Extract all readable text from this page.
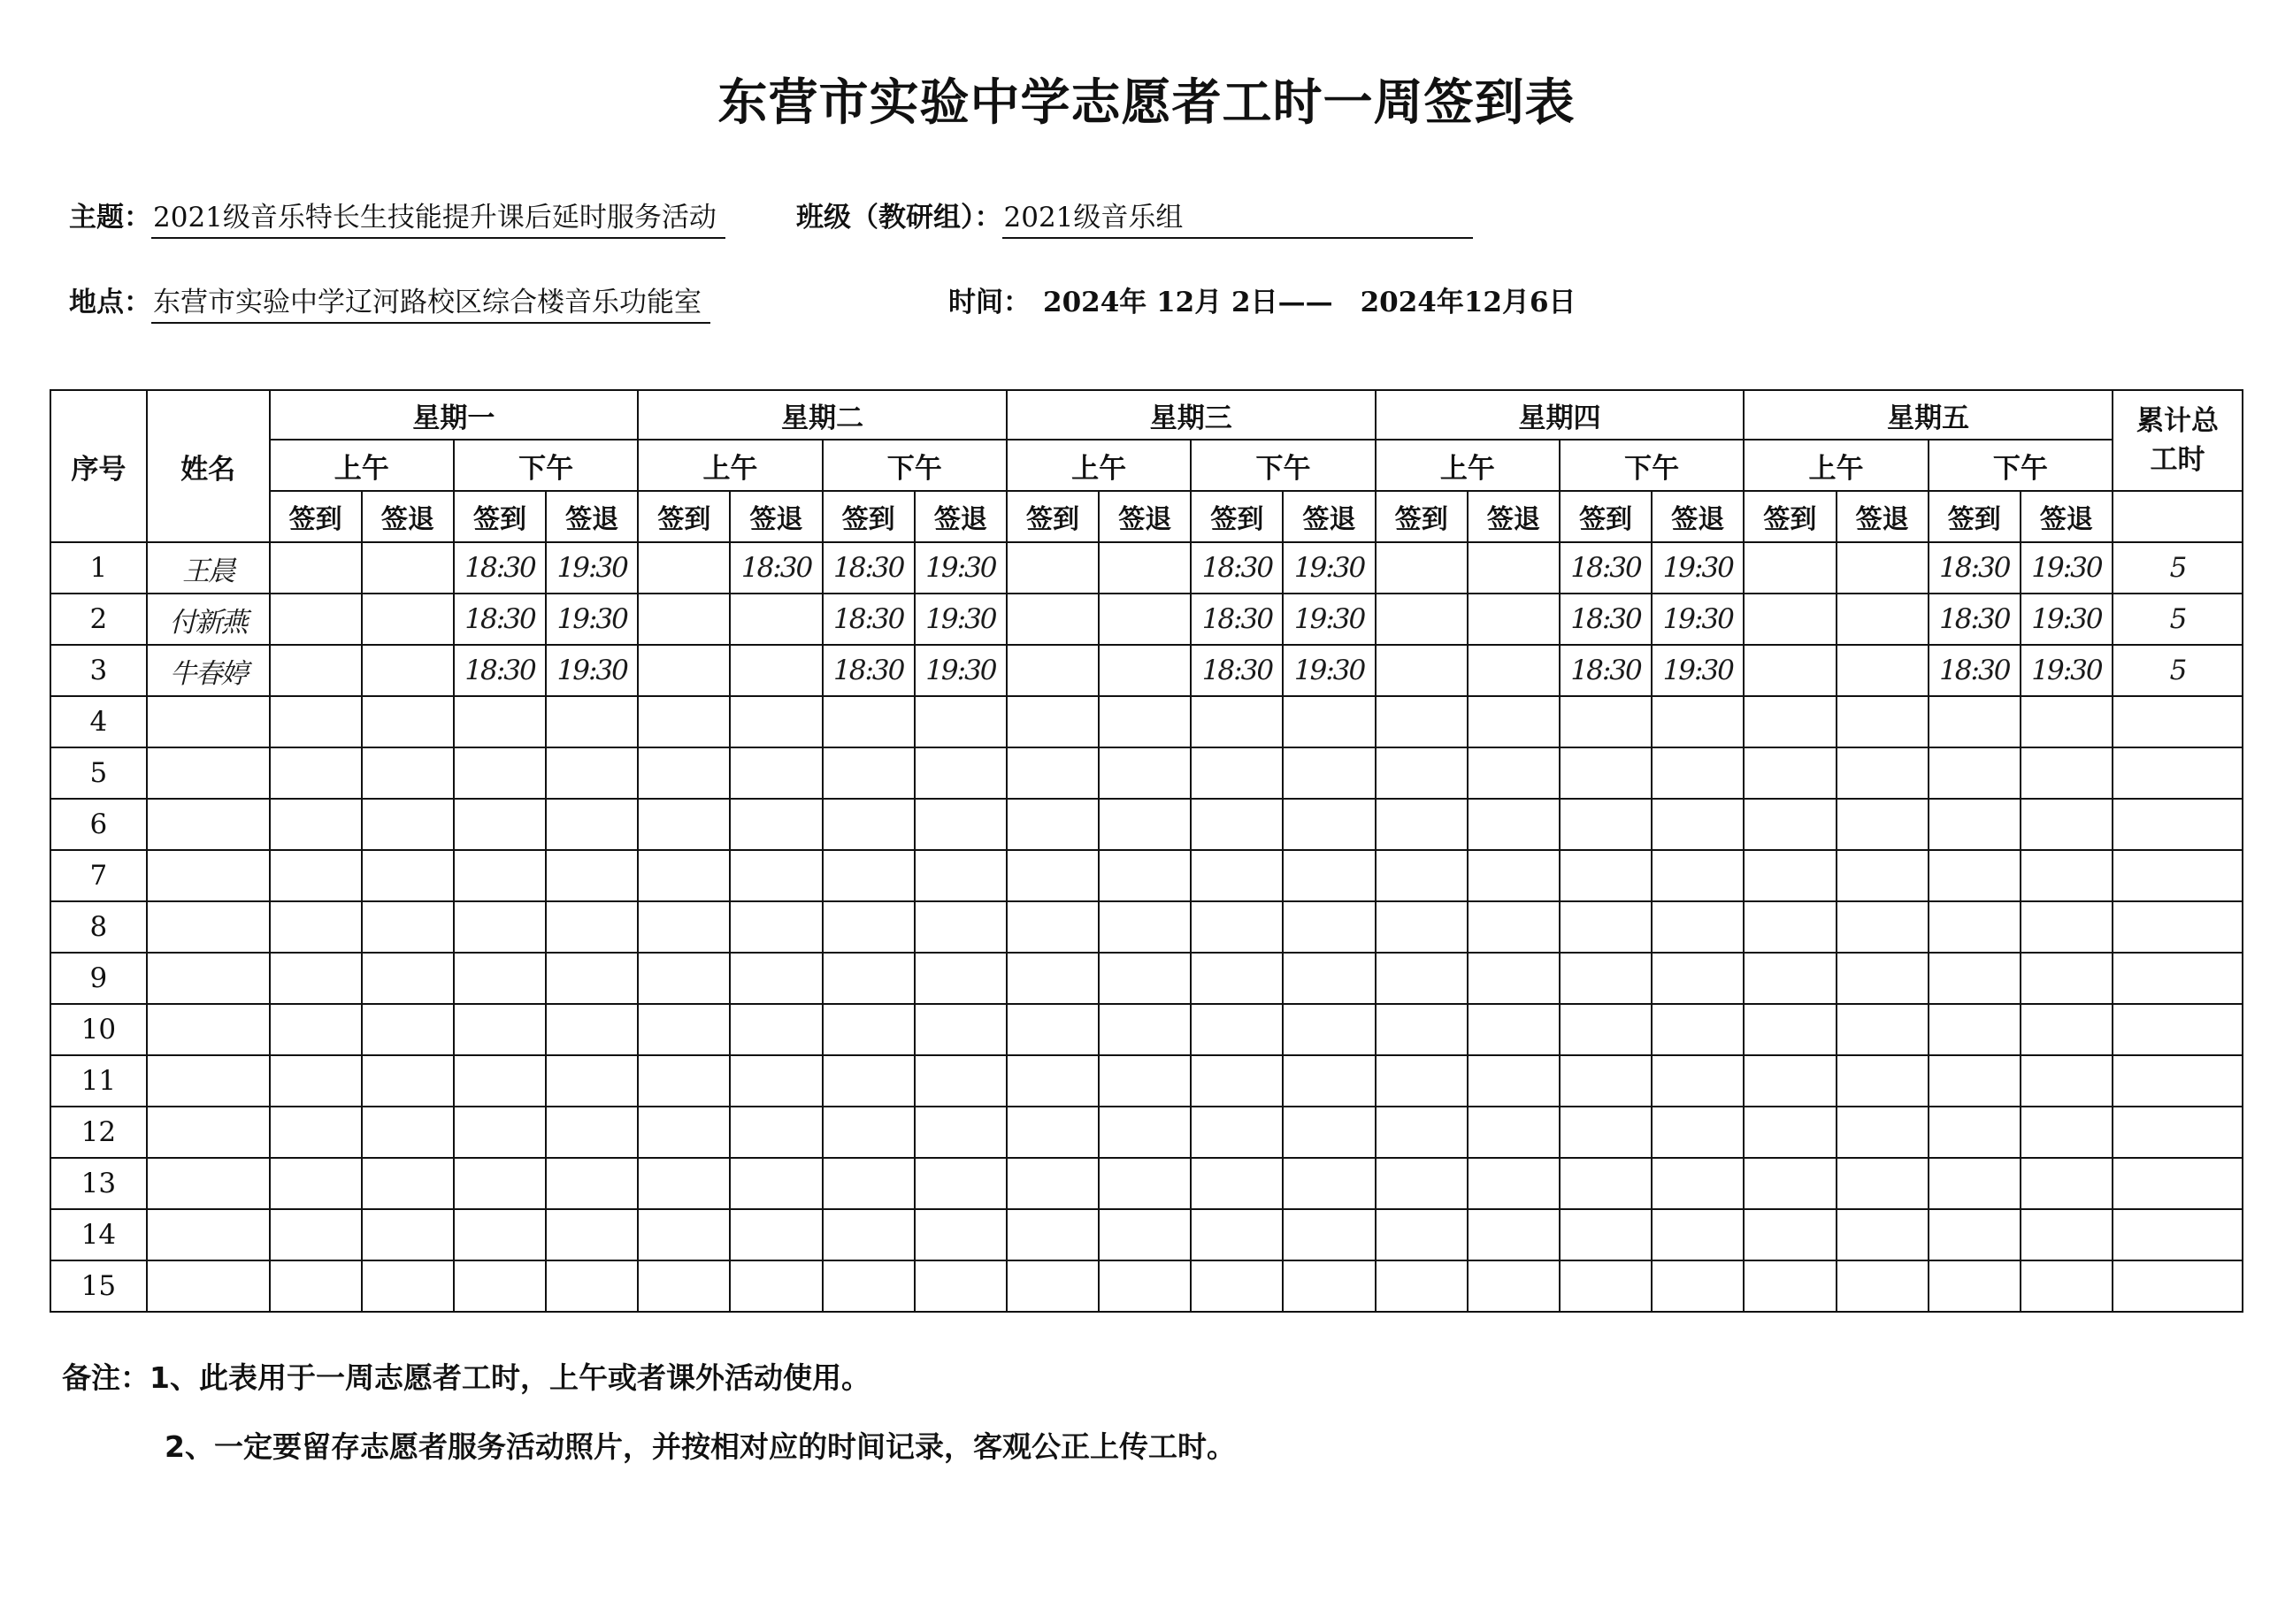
东营市实验中学志愿者工时一周签到表
主题：2021级音乐特长生技能提升课后延时服务活动	班级（教研组）：2021级音乐组
地点：东营市实验中学辽河路校区综合楼音乐功能室	时间： 2024年 12月 2日——　2024年12月6日
序号	姓名	星期一				星期二				星期三				星期四				星期五				累计总工时
		上午		下午		上午		下午		上午		下午		上午		下午		上午		下午		
		签到	签退	签到	签退	签到	签退	签到	签退	签到	签退	签到	签退	签到	签退	签到	签退	签到	签退	签到	签退	
1	王晨			18:30	19:30		18:30	18:30	19:30			18:30	19:30			18:30	19:30			18:30	19:30	5
2	付新燕			18:30	19:30			18:30	19:30			18:30	19:30			18:30	19:30			18:30	19:30	5
3	牛春婷			18:30	19:30			18:30	19:30			18:30	19:30			18:30	19:30			18:30	19:30	5
4																						
5																						
6																						
7																						
8																						
9																						
10																						
11																						
12																						
13																						
14																						
15																						
备注：1、此表用于一周志愿者工时，上午或者课外活动使用。
2、一定要留存志愿者服务活动照片，并按相对应的时间记录，客观公正上传工时。
